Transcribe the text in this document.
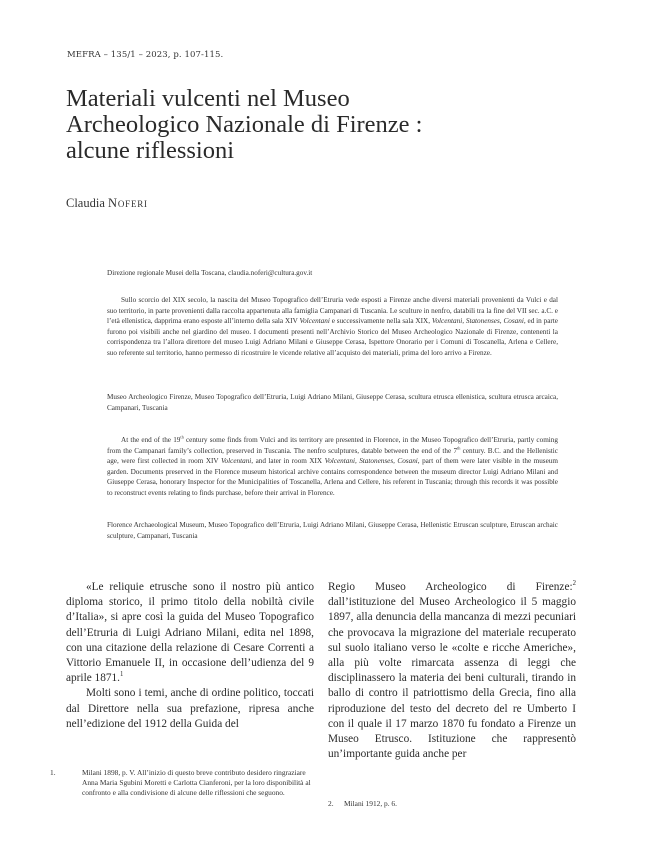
MEFRA – 135/1 – 2023, p. 107-115.
Materiali vulcenti nel Museo
Archeologico Nazionale di Firenze :
alcune riflessioni
Claudia Noferi
Direzione regionale Musei della Toscana, claudia.noferi@cultura.gov.it
Sullo scorcio del XIX secolo, la nascita del Museo Topografico dell’Etruria vede esposti a Firenze anche diversi materiali provenienti da Vulci e dal suo territorio, in parte provenienti dalla raccolta appartenuta alla famiglia Campanari di Tuscania. Le sculture in nenfro, databili tra la fine del VII sec. a.C. e l’età ellenistica, dapprima erano esposte all’interno della sala XIV Volcentani e successivamente nella sala XIX, Volcentani, Statonenses, Cosani, ed in parte furono poi visibili anche nel giardino del museo. I documenti presenti nell’Archivio Storico del Museo Archeologico Nazionale di Firenze, contenenti la corrispondenza tra l’allora direttore del museo Luigi Adriano Milani e Giuseppe Cerasa, Ispettore Onorario per i Comuni di Toscanella, Arlena e Cellere, suo referente sul territorio, hanno permesso di ricostruire le vicende relative all’acquisto dei materiali, prima del loro arrivo a Firenze.
Museo Archeologico Firenze, Museo Topografico dell’Etruria, Luigi Adriano Milani, Giuseppe Cerasa, scultura etrusca ellenistica, scultura etrusca arcaica, Campanari, Tuscania
At the end of the 19th century some finds from Vulci and its territory are presented in Florence, in the Museo Topografico dell’Etruria, partly coming from the Campanari family’s collection, preserved in Tuscania. The nenfro sculptures, datable between the end of the 7th century. B.C. and the Hellenistic age, were first collected in room XIV Volcentani, and later in room XIX Volcentani, Statonenses, Cosani, part of them were later visible in the museum garden. Documents preserved in the Florence museum historical archive contains correspondence between the museum director Luigi Adriano Milani and Giuseppe Cerasa, honorary Inspector for the Municipalities of Toscanella, Arlena and Cellere, his referent in Tuscania; through this records it was possible to reconstruct events relating to finds purchase, before their arrival in Florence.
Florence Archaeological Museum, Museo Topografico dell’Etruria, Luigi Adriano Milani, Giuseppe Cerasa, Hellenistic Etruscan sculpture, Etruscan archaic sculpture, Campanari, Tuscania

«Le reliquie etrusche sono il nostro più antico diploma storico, il primo titolo della nobiltà civile d’Italia», si apre così la guida del Museo Topografico dell’Etruria di Luigi Adriano Milani, edita nel 1898, con una citazione della relazione di Cesare Correnti a Vittorio Emanuele II, in occasione dell’udienza del 9 aprile 1871.$^1$

Molti sono i temi, anche di ordine politico, toccati dal Direttore nella sua prefazione, ripresa anche nell’edizione del 1912 della Guida del

Regio Museo Archeologico di Firenze:$^2$ dall’istituzione del Museo Archeologico il 5 maggio 1897, alla denuncia della mancanza di mezzi pecuniari che provocava la migrazione del materiale recuperato sul suolo italiano verso le «colte e ricche Americhe», alla più volte rimarcata assenza di leggi che disciplinassero la materia dei beni culturali, tirando in ballo di contro il patriottismo della Grecia, fino alla riproduzione del testo del decreto del re Umberto I con il quale il 17 marzo 1870 fu fondato a Firenze un Museo Etrusco. Istituzione che rappresentò un’importante guida anche per

1.	Milani 1898, p. V. All’inizio di questo breve contributo desidero ringraziare Anna Maria Sgubini Moretti e Carlotta Cianferoni, per la loro disponibilità al confronto e alla condivisione di alcune delle riflessioni che seguono.
2. Milani 1912, p. 6.
